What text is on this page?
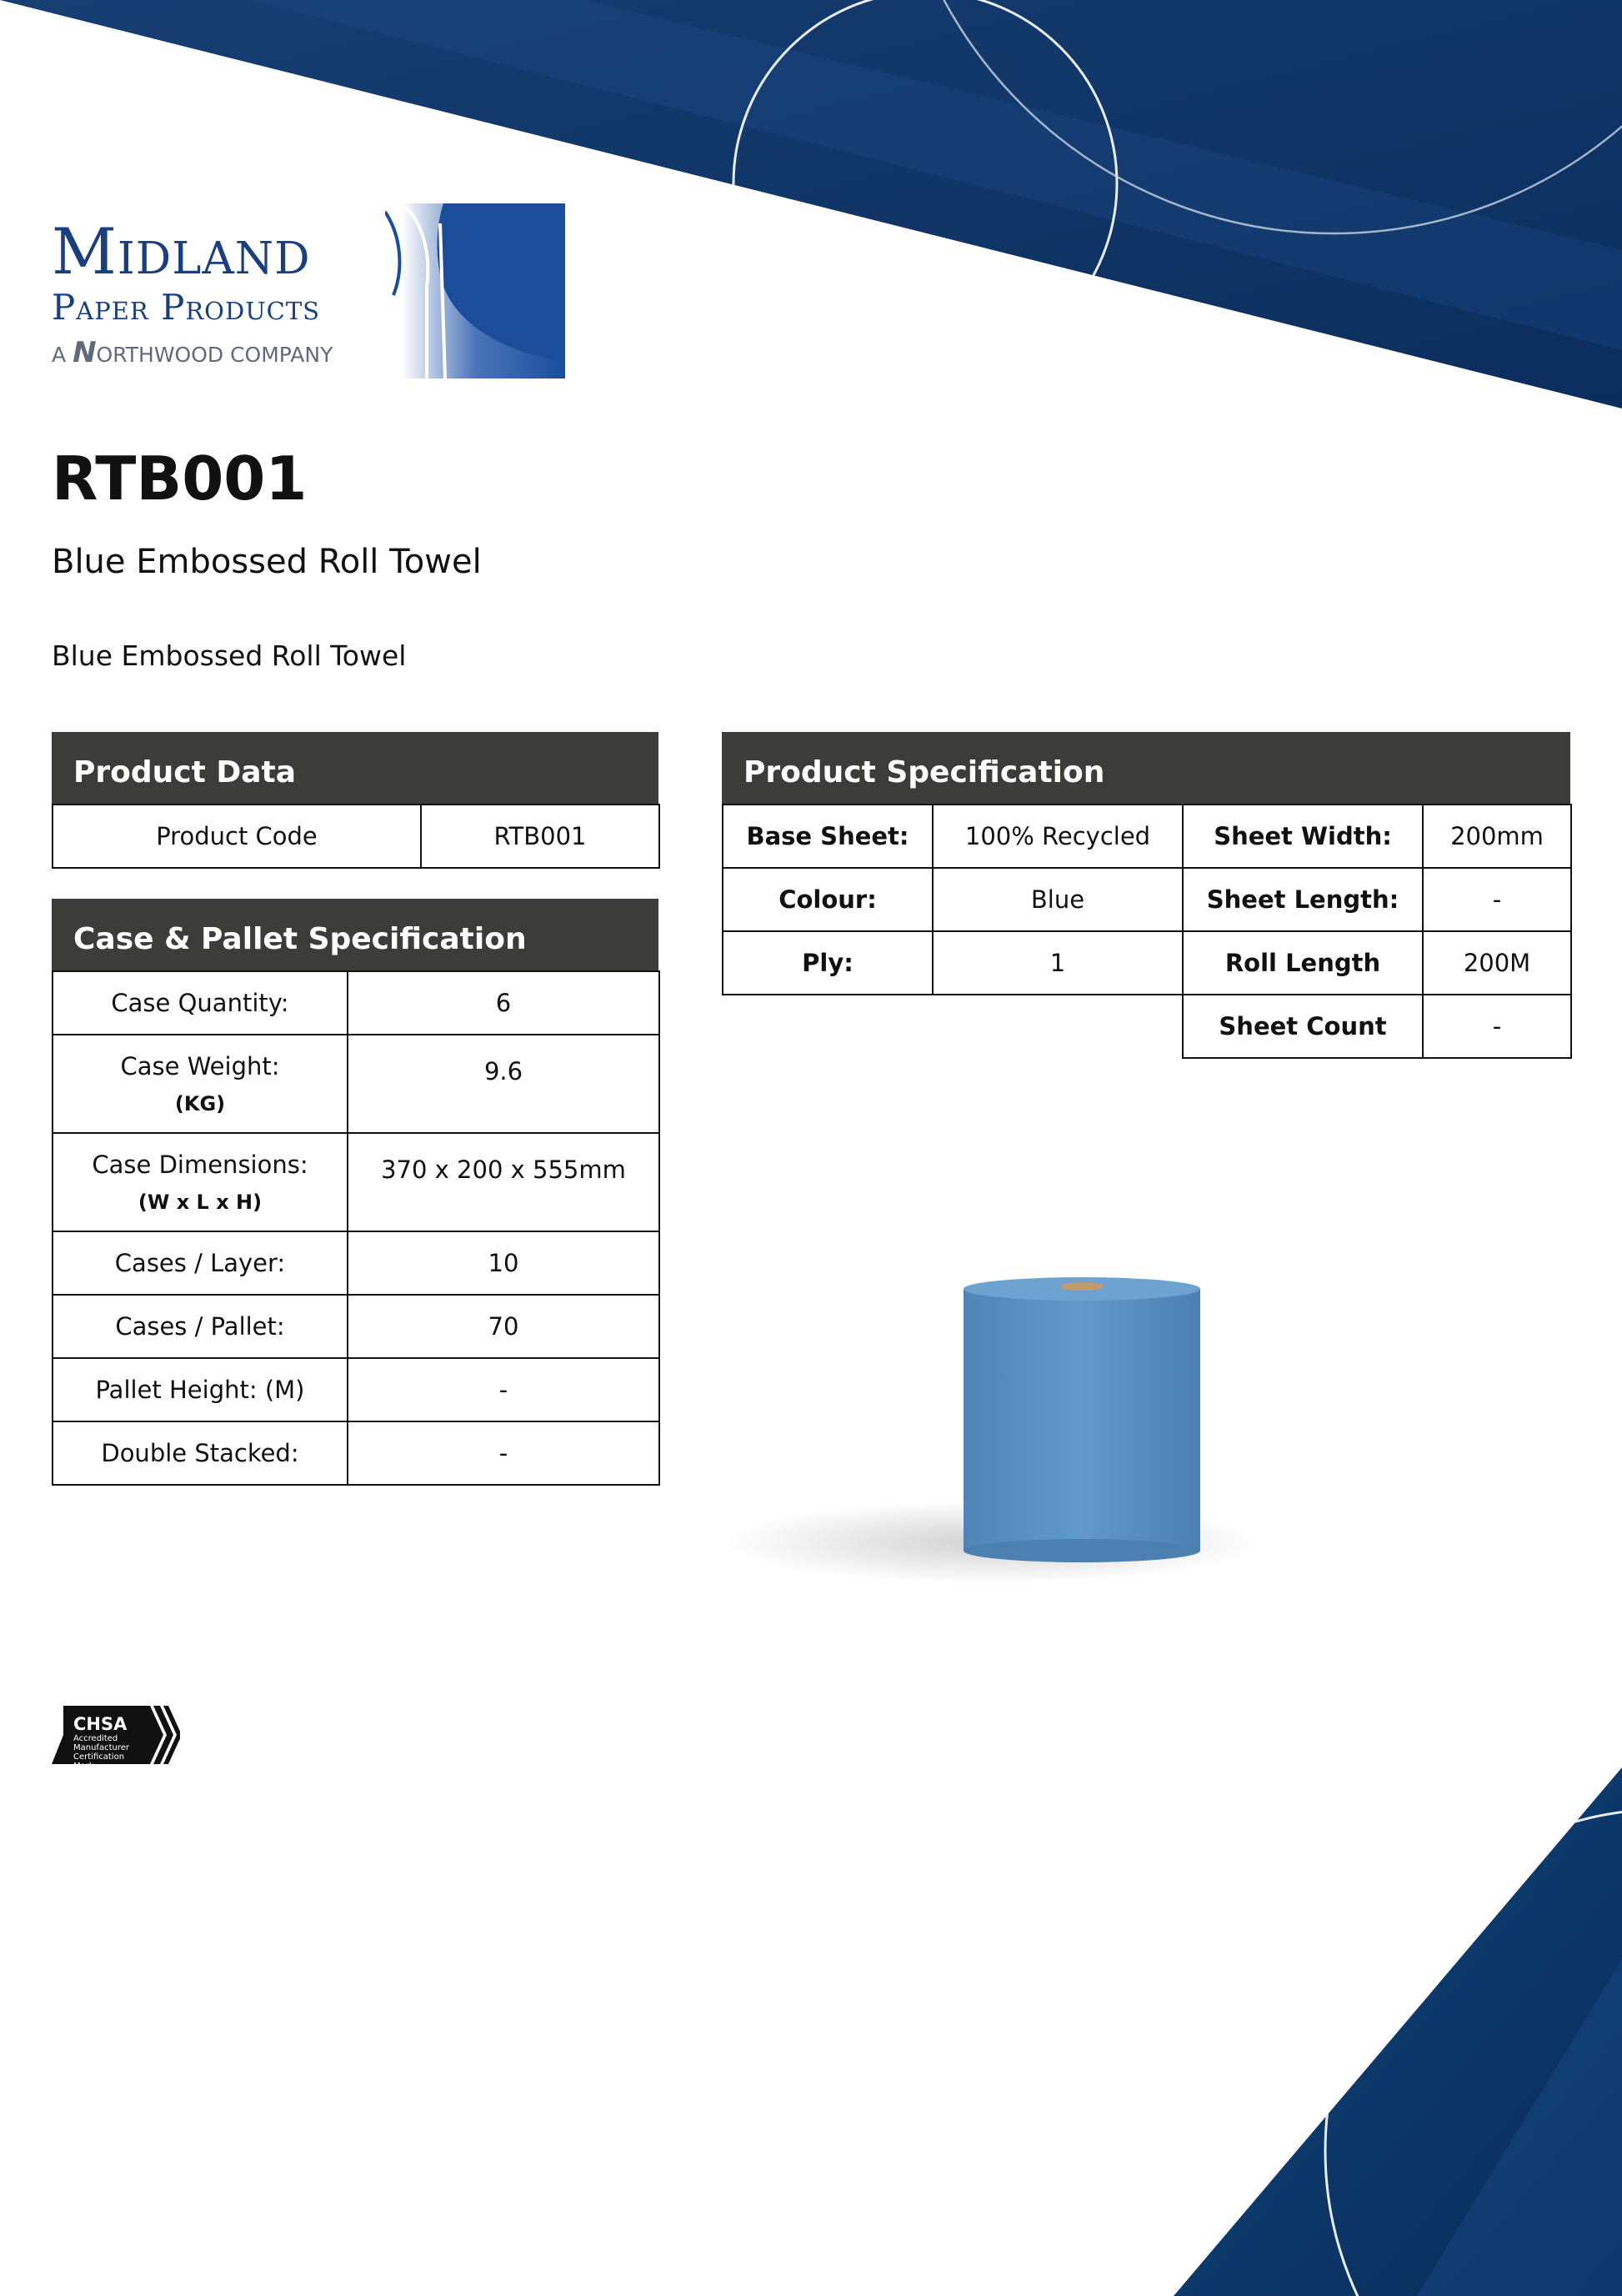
Midland
Paper Products
A NORTHWOOD COMPANY
RTB001
Blue Embossed Roll Towel
Blue Embossed Roll Towel
Product Data
Product Code	RTB001
Case & Pallet Specification
Case Quantity:	6
Case Weight:
(KG)	9.6
Case Dimensions:
(W x L x H)	370 x 200 x 555mm
Cases / Layer:	10
Cases / Pallet:	70
Pallet Height: (M)	-
Double Stacked:	-
Product Specification
Base Sheet:	100% Recycled	Sheet Width:	200mm
Colour:	Blue	Sheet Length:	-
Ply:	1	Roll Length	200M
		Sheet Count	-
CHSA
Accredited Manufacturer Certification Mark
